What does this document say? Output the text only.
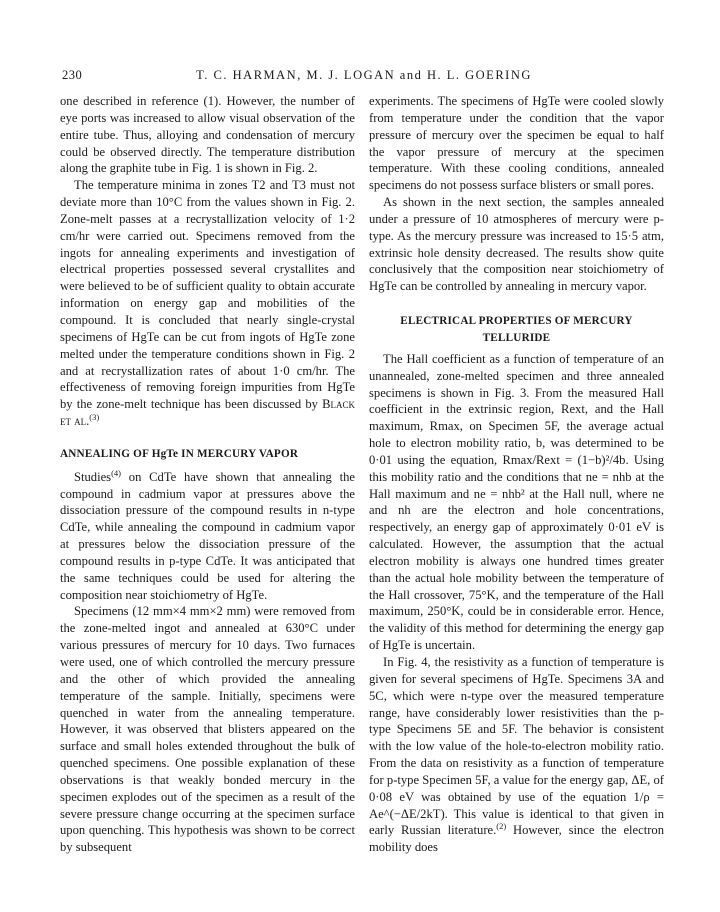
230	T. C. HARMAN, M. J. LOGAN and H. L. GOERING

one described in reference (1). However, the number of eye ports was increased to allow visual observation of the entire tube. Thus, alloying and condensation of mercury could be observed directly. The temperature distribution along the graphite tube in Fig. 1 is shown in Fig. 2.

The temperature minima in zones T2 and T3 must not deviate more than 10°C from the values shown in Fig. 2. Zone-melt passes at a recrystallization velocity of 1·2 cm/hr were carried out. Specimens removed from the ingots for annealing experiments and investigation of electrical properties possessed several crystallites and were believed to be of sufficient quality to obtain accurate information on energy gap and mobilities of the compound. It is concluded that nearly single-crystal specimens of HgTe can be cut from ingots of HgTe zone melted under the temperature conditions shown in Fig. 2 and at recrystallization rates of about 1·0 cm/hr. The effectiveness of removing foreign impurities from HgTe by the zone-melt technique has been discussed by Black et al.$^{(3)}$

ANNEALING OF HgTe IN MERCURY VAPOR

Studies$^{(4)}$ on CdTe have shown that annealing the compound in cadmium vapor at pressures above the dissociation pressure of the compound results in n-type CdTe, while annealing the compound in cadmium vapor at pressures below the dissociation pressure of the compound results in p-type CdTe. It was anticipated that the same techniques could be used for altering the composition near stoichiometry of HgTe.

Specimens (12 mm×4 mm×2 mm) were removed from the zone-melted ingot and annealed at 630°C under various pressures of mercury for 10 days. Two furnaces were used, one of which controlled the mercury pressure and the other of which provided the annealing temperature of the sample. Initially, specimens were quenched in water from the annealing temperature. However, it was observed that blisters appeared on the surface and small holes extended throughout the bulk of quenched specimens. One possible explanation of these observations is that weakly bonded mercury in the specimen explodes out of the specimen as a result of the severe pressure change occurring at the specimen surface upon quenching. This hypothesis was shown to be correct by subsequent

experiments. The specimens of HgTe were cooled slowly from temperature under the condition that the vapor pressure of mercury over the specimen be equal to half the vapor pressure of mercury at the specimen temperature. With these cooling conditions, annealed specimens do not possess surface blisters or small pores.

As shown in the next section, the samples annealed under a pressure of 10 atmospheres of mercury were p-type. As the mercury pressure was increased to 15·5 atm, extrinsic hole density decreased. The results show quite conclusively that the composition near stoichiometry of HgTe can be controlled by annealing in mercury vapor.

ELECTRICAL PROPERTIES OF MERCURY TELLURIDE

The Hall coefficient as a function of temperature of an unannealed, zone-melted specimen and three annealed specimens is shown in Fig. 3. From the measured Hall coefficient in the extrinsic region, Rext, and the Hall maximum, Rmax, on Specimen 5F, the average actual hole to electron mobility ratio, b, was determined to be 0·01 using the equation, Rmax/Rext = (1−b)²/4b. Using this mobility ratio and the conditions that ne = nhb at the Hall maximum and ne = nhb² at the Hall null, where ne and nh are the electron and hole concentrations, respectively, an energy gap of approximately 0·01 eV is calculated. However, the assumption that the actual electron mobility is always one hundred times greater than the actual hole mobility between the temperature of the Hall crossover, 75°K, and the temperature of the Hall maximum, 250°K, could be in considerable error. Hence, the validity of this method for determining the energy gap of HgTe is uncertain.

In Fig. 4, the resistivity as a function of temperature is given for several specimens of HgTe. Specimens 3A and 5C, which were n-type over the measured temperature range, have considerably lower resistivities than the p-type Specimens 5E and 5F. The behavior is consistent with the low value of the hole-to-electron mobility ratio. From the data on resistivity as a function of temperature for p-type Specimen 5F, a value for the energy gap, ΔE, of 0·08 eV was obtained by use of the equation 1/ρ = Ae^(−ΔE/2kT). This value is identical to that given in early Russian literature.$^{(2)}$ However, since the electron mobility does
